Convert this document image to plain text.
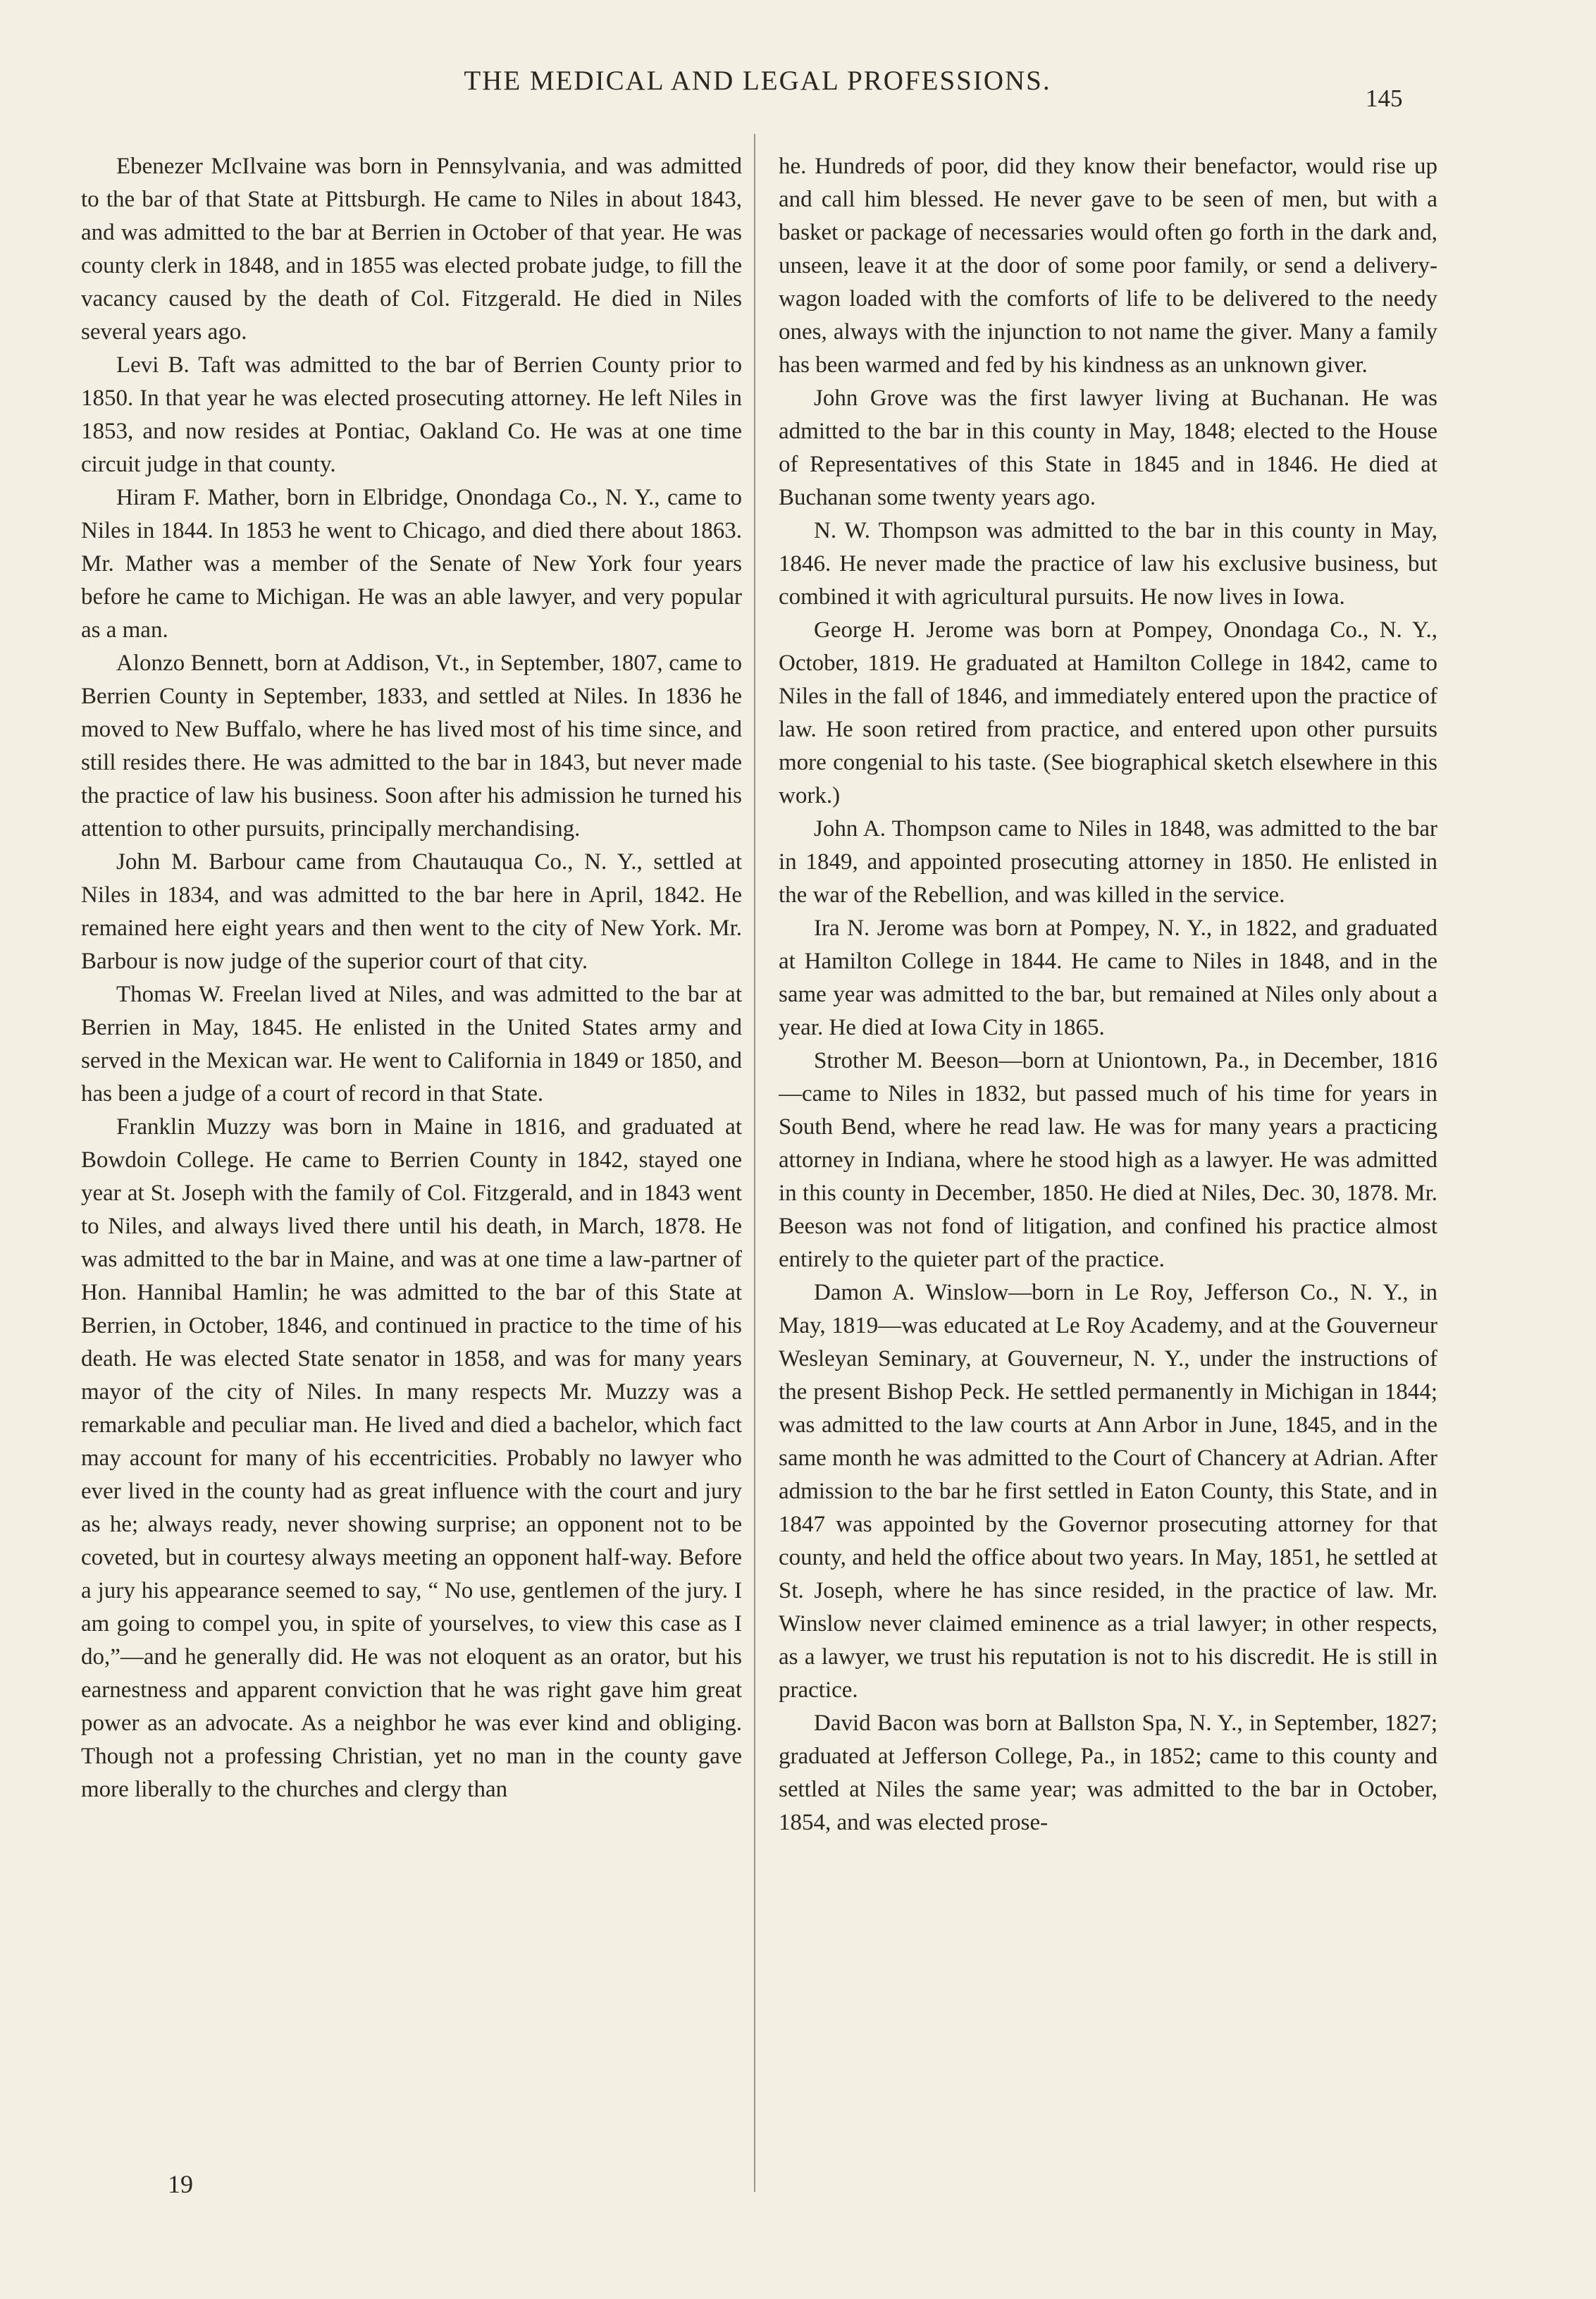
THE MEDICAL AND LEGAL PROFESSIONS.
145

Ebenezer McIlvaine was born in Pennsylvania, and was admitted to the bar of that State at Pittsburgh. He came to Niles in about 1843, and was admitted to the bar at Berrien in October of that year. He was county clerk in 1848, and in 1855 was elected probate judge, to fill the vacancy caused by the death of Col. Fitzgerald. He died in Niles several years ago.

Levi B. Taft was admitted to the bar of Berrien County prior to 1850. In that year he was elected prosecuting attorney. He left Niles in 1853, and now resides at Pontiac, Oakland Co. He was at one time circuit judge in that county.

Hiram F. Mather, born in Elbridge, Onondaga Co., N. Y., came to Niles in 1844. In 1853 he went to Chicago, and died there about 1863. Mr. Mather was a member of the Senate of New York four years before he came to Michigan. He was an able lawyer, and very popular as a man.

Alonzo Bennett, born at Addison, Vt., in September, 1807, came to Berrien County in September, 1833, and settled at Niles. In 1836 he moved to New Buffalo, where he has lived most of his time since, and still resides there. He was admitted to the bar in 1843, but never made the practice of law his business. Soon after his admission he turned his attention to other pursuits, principally merchandising.

John M. Barbour came from Chautauqua Co., N. Y., settled at Niles in 1834, and was admitted to the bar here in April, 1842. He remained here eight years and then went to the city of New York. Mr. Barbour is now judge of the superior court of that city.

Thomas W. Freelan lived at Niles, and was admitted to the bar at Berrien in May, 1845. He enlisted in the United States army and served in the Mexican war. He went to California in 1849 or 1850, and has been a judge of a court of record in that State.

Franklin Muzzy was born in Maine in 1816, and graduated at Bowdoin College. He came to Berrien County in 1842, stayed one year at St. Joseph with the family of Col. Fitzgerald, and in 1843 went to Niles, and always lived there until his death, in March, 1878. He was admitted to the bar in Maine, and was at one time a law-partner of Hon. Hannibal Hamlin; he was admitted to the bar of this State at Berrien, in October, 1846, and continued in practice to the time of his death. He was elected State senator in 1858, and was for many years mayor of the city of Niles. In many respects Mr. Muzzy was a remarkable and peculiar man. He lived and died a bachelor, which fact may account for many of his eccentricities. Probably no lawyer who ever lived in the county had as great influence with the court and jury as he; always ready, never showing surprise; an opponent not to be coveted, but in courtesy always meeting an opponent half-way. Before a jury his appearance seemed to say, “ No use, gentlemen of the jury. I am going to compel you, in spite of yourselves, to view this case as I do,”—and he generally did. He was not eloquent as an orator, but his earnestness and apparent conviction that he was right gave him great power as an advocate. As a neighbor he was ever kind and obliging. Though not a professing Christian, yet no man in the county gave more liberally to the churches and clergy than

he. Hundreds of poor, did they know their benefactor, would rise up and call him blessed. He never gave to be seen of men, but with a basket or package of necessaries would often go forth in the dark and, unseen, leave it at the door of some poor family, or send a delivery-wagon loaded with the comforts of life to be delivered to the needy ones, always with the injunction to not name the giver. Many a family has been warmed and fed by his kindness as an unknown giver.

John Grove was the first lawyer living at Buchanan. He was admitted to the bar in this county in May, 1848; elected to the House of Representatives of this State in 1845 and in 1846. He died at Buchanan some twenty years ago.

N. W. Thompson was admitted to the bar in this county in May, 1846. He never made the practice of law his exclusive business, but combined it with agricultural pursuits. He now lives in Iowa.

George H. Jerome was born at Pompey, Onondaga Co., N. Y., October, 1819. He graduated at Hamilton College in 1842, came to Niles in the fall of 1846, and immediately entered upon the practice of law. He soon retired from practice, and entered upon other pursuits more congenial to his taste. (See biographical sketch elsewhere in this work.)

John A. Thompson came to Niles in 1848, was admitted to the bar in 1849, and appointed prosecuting attorney in 1850. He enlisted in the war of the Rebellion, and was killed in the service.

Ira N. Jerome was born at Pompey, N. Y., in 1822, and graduated at Hamilton College in 1844. He came to Niles in 1848, and in the same year was admitted to the bar, but remained at Niles only about a year. He died at Iowa City in 1865.

Strother M. Beeson—born at Uniontown, Pa., in December, 1816—came to Niles in 1832, but passed much of his time for years in South Bend, where he read law. He was for many years a practicing attorney in Indiana, where he stood high as a lawyer. He was admitted in this county in December, 1850. He died at Niles, Dec. 30, 1878. Mr. Beeson was not fond of litigation, and confined his practice almost entirely to the quieter part of the practice.

Damon A. Winslow—born in Le Roy, Jefferson Co., N. Y., in May, 1819—was educated at Le Roy Academy, and at the Gouverneur Wesleyan Seminary, at Gouverneur, N. Y., under the instructions of the present Bishop Peck. He settled permanently in Michigan in 1844; was admitted to the law courts at Ann Arbor in June, 1845, and in the same month he was admitted to the Court of Chancery at Adrian. After admission to the bar he first settled in Eaton County, this State, and in 1847 was appointed by the Governor prosecuting attorney for that county, and held the office about two years. In May, 1851, he settled at St. Joseph, where he has since resided, in the practice of law. Mr. Winslow never claimed eminence as a trial lawyer; in other respects, as a lawyer, we trust his reputation is not to his discredit. He is still in practice.

David Bacon was born at Ballston Spa, N. Y., in September, 1827; graduated at Jefferson College, Pa., in 1852; came to this county and settled at Niles the same year; was admitted to the bar in October, 1854, and was elected prose-

19
